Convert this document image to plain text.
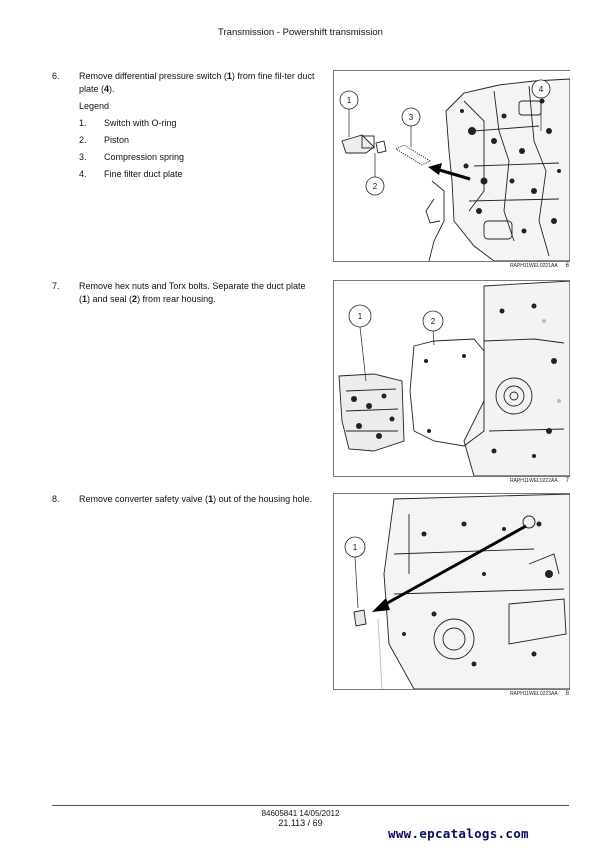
Transmission - Powershift transmission
6. Remove differential pressure switch (1) from fine fil-ter duct plate (4).
Legend
1. Switch with O-ring
2. Piston
3. Compression spring
4. Fine filter duct plate
1
2
3
4
RAPH11WEL0221AA 6
7. Remove hex nuts and Torx bolts. Separate the duct plate (1) and seal (2) from rear housing.
1
2
RAPH11WEL0222AA 7
8. Remove converter safety valve (1) out of the housing hole.
1
RAPH11WEL0223AA 8
84605841 14/05/2012
21.113 / 69
www.epcatalogs.com
